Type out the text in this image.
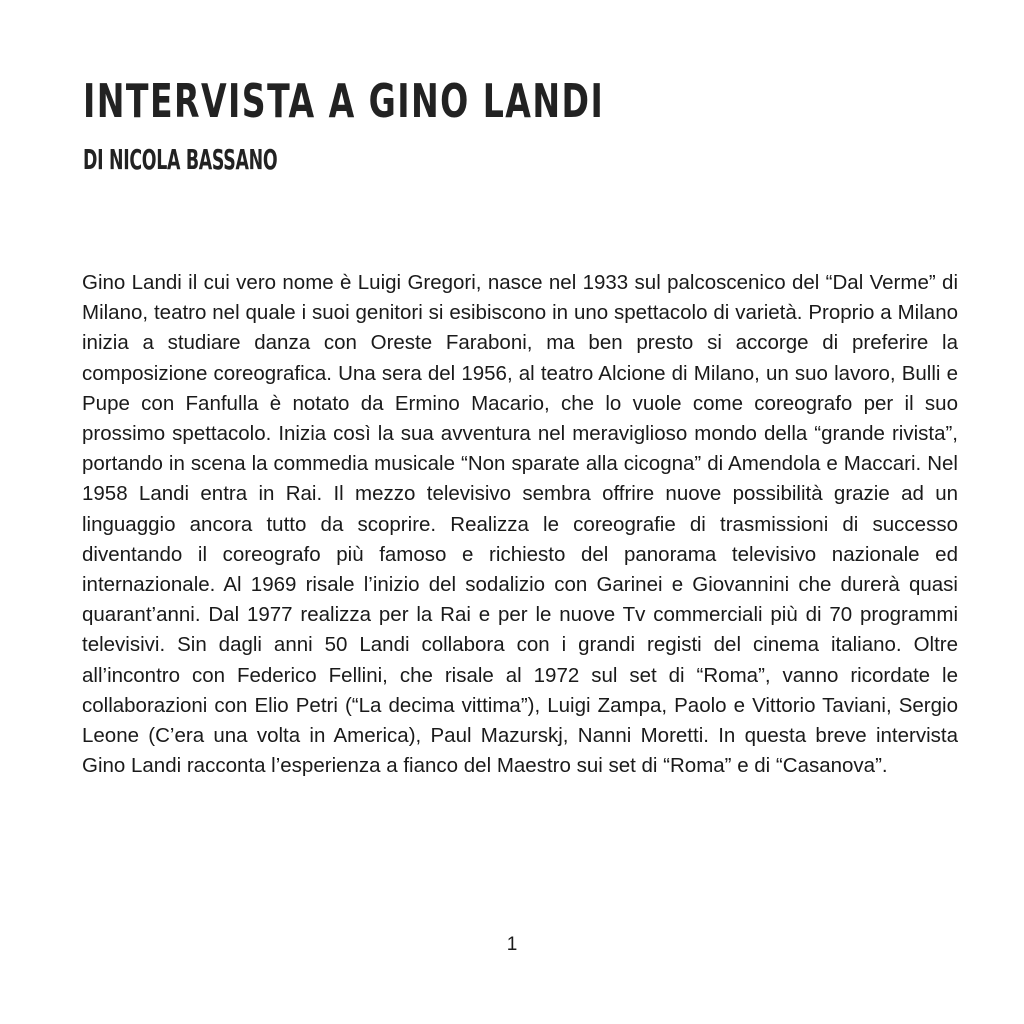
INTERVISTA A GINO LANDI
DI NICOLA BASSANO

Gino Landi il cui vero nome è Luigi Gregori, nasce nel 1933 sul palcoscenico del “Dal Verme” di Milano, teatro nel quale i suoi genitori si esibiscono in uno spettacolo di varietà. Proprio a Milano inizia a studiare danza con Oreste Faraboni, ma ben presto si accorge di preferire la composizione coreografica. Una sera del 1956, al teatro Alcione di Milano, un suo lavoro, Bulli e Pupe con Fanfulla è notato da Ermino Macario, che lo vuole come coreografo per il suo prossimo spettacolo. Inizia così la sua avventura nel meraviglioso mondo della “grande rivista”, portando in scena la commedia musicale “Non sparate alla cicogna” di Amendola e Maccari. Nel 1958 Landi entra in Rai. Il mezzo televisivo sembra offrire nuove possibilità grazie ad un linguaggio ancora tutto da scoprire. Realizza le coreografie di trasmissioni di successo diventando il coreografo più famoso e richiesto del panorama televisivo nazionale ed internazionale. Al 1969 risale l’inizio del sodalizio con Garinei e Giovannini che durerà quasi quarant’anni. Dal 1977 realizza per la Rai e per le nuove Tv commerciali più di 70 programmi televisivi. Sin dagli anni 50 Landi collabora con i grandi registi del cinema italiano. Oltre all’incontro con Federico Fellini, che risale al 1972 sul set di “Roma”, vanno ricordate le collaborazioni con Elio Petri (“La decima vittima”), Luigi Zampa, Paolo e Vittorio Taviani, Sergio Leone (C’era una volta in America), Paul Mazurskj, Nanni Moretti. In questa breve intervista Gino Landi racconta l’esperienza a fianco del Maestro sui set di “Roma” e di “Casanova”.

1
